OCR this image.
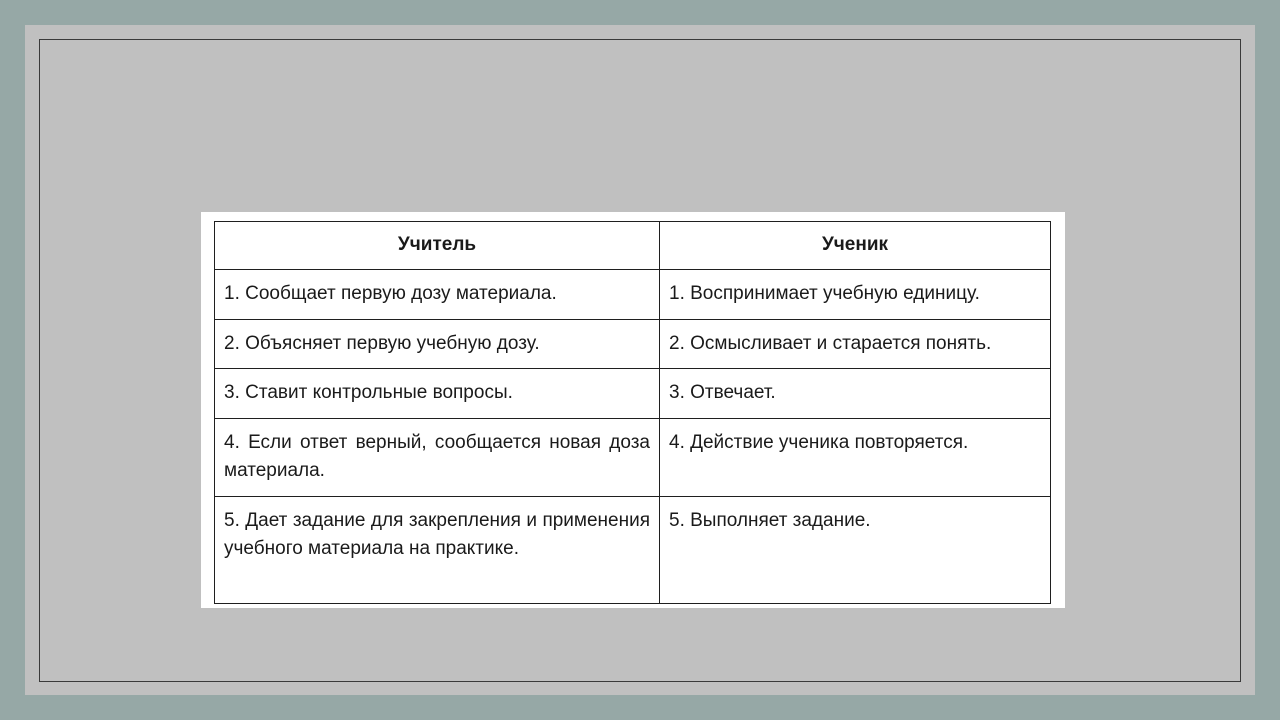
Учитель	Ученик
1. Сообщает первую дозу материала.	1. Воспринимает учебную единицу.
2. Объясняет первую учебную дозу.	2. Осмысливает и старается понять.
3. Ставит контрольные вопросы.	3. Отвечает.
4. Если ответ верный, сообщается новая доза материала.	4. Действие ученика повторяется.
5. Дает задание для закрепления и применения учебного материала на практике.	5. Выполняет задание.
